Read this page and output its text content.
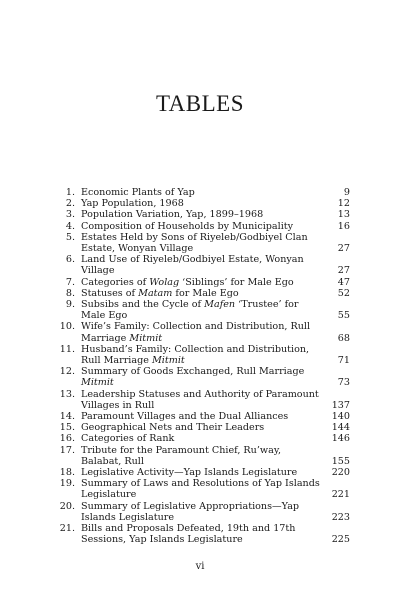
TABLES
1. Economic Plants of Yap	9
2. Yap Population, 1968	12
3. Population Variation, Yap, 1899–1968	13
4. Composition of Households by Municipality	16
5. Estates Held by Sons of Riyeleb/Godbiyel Clan Estate, Wonyan Village	27
6. Land Use of Riyeleb/Godbiyel Estate, Wonyan Village	27
7. Categories of Wolag ‘Siblings’ for Male Ego	47
8. Statuses of Matam for Male Ego	52
9. Subsibs and the Cycle of Mafen ‘Trustee’ for Male Ego	55
10. Wife’s Family: Collection and Distribution, Rull Marriage Mitmit	68
11. Husband’s Family: Collection and Distribution, Rull Marriage Mitmit	71
12. Summary of Goods Exchanged, Rull Marriage Mitmit	73
13. Leadership Statuses and Authority of Paramount Villages in Rull	137
14. Paramount Villages and the Dual Alliances	140
15. Geographical Nets and Their Leaders	144
16. Categories of Rank	146
17. Tribute for the Paramount Chief, Ru’way, Balabat, Rull	155
18. Legislative Activity—Yap Islands Legislature	220
19. Summary of Laws and Resolutions of Yap Islands Legislature	221
20. Summary of Legislative Appropriations—Yap Islands Legislature	223
21. Bills and Proposals Defeated, 19th and 17th Sessions, Yap Islands Legislature	225
vi
